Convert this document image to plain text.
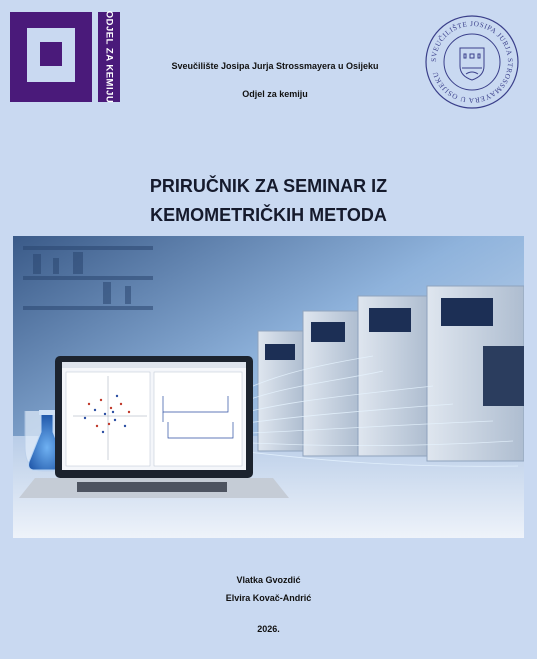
ODJEL ZA KEMIJU	SVEUČILIŠTE JOSIPA JURJA STROSSMAYERA U OSIJEKU
Sveučilište Josipa Jurja Strossmayera u Osijeku
Odjel za kemiju
PRIRUČNIK ZA SEMINAR IZ
KEMOMETRIČKIH METODA
Vlatka Gvozdić
Elvira Kovač-Andrić
2026.
